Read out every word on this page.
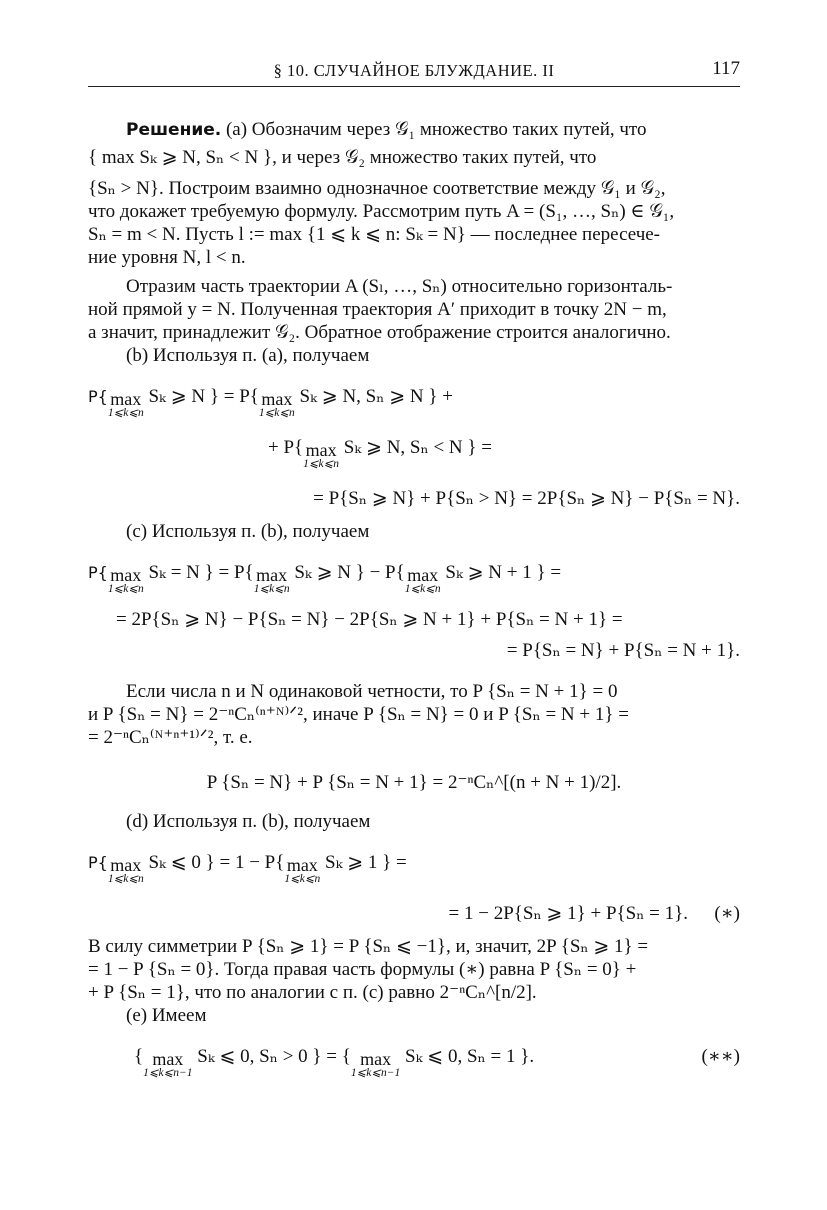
§ 10. СЛУЧАЙНОЕ БЛУЖДАНИЕ. II	117

Решение. (a) Обозначим через 𝒢₁ множество таких путей, что

{ max Sₖ ⩾ N, Sₙ < N }, и через 𝒢₂ множество таких путей, что

{Sₙ > N}. Построим взаимно однозначное соответствие между 𝒢₁ и 𝒢₂,

что докажет требуемую формулу. Рассмотрим путь A = (S₁, …, Sₙ) ∈ 𝒢₁,

Sₙ = m < N. Пусть l := max {1 ⩽ k ⩽ n: Sₖ = N} — последнее пересече-

ние уровня N, l < n.

Отразим часть траектории A (Sₗ, …, Sₙ) относительно горизонталь-

ной прямой y = N. Полученная траектория A′ приходит в точку 2N − m,

а значит, принадлежит 𝒢₂. Обратное отображение строится аналогично.

(b) Используя п. (a), получаем

P{ max
1⩽k⩽n
Sₖ ⩾ N } = P{ max
1⩽k⩽n
Sₖ ⩾ N, Sₙ ⩾ N } +

+ P{ max
1⩽k⩽n
Sₖ ⩾ N, Sₙ < N } =

= P{Sₙ ⩾ N} + P{Sₙ > N} = 2P{Sₙ ⩾ N} − P{Sₙ = N}.

(c) Используя п. (b), получаем

P{ max
1⩽k⩽n
Sₖ = N } = P{ max
1⩽k⩽n
Sₖ ⩾ N } − P{ max
1⩽k⩽n
Sₖ ⩾ N + 1 } =

= 2P{Sₙ ⩾ N} − P{Sₙ = N} − 2P{Sₙ ⩾ N + 1} + P{Sₙ = N + 1} =

= P{Sₙ = N} + P{Sₙ = N + 1}.

Если числа n и N одинаковой четности, то P {Sₙ = N + 1} = 0

и P {Sₙ = N} = 2⁻ⁿCₙ⁽ⁿ⁺ᴺ⁾ᐟ², иначе P {Sₙ = N} = 0 и P {Sₙ = N + 1} =

= 2⁻ⁿCₙ⁽ᴺ⁺ⁿ⁺¹⁾ᐟ², т. е.

P {Sₙ = N} + P {Sₙ = N + 1} = 2⁻ⁿCₙ^[(n + N + 1)/2].

(d) Используя п. (b), получаем

P{ max
1⩽k⩽n
Sₖ ⩽ 0 } = 1 − P{ max
1⩽k⩽n
Sₖ ⩾ 1 } =

= 1 − 2P{Sₙ ⩾ 1} + P{Sₙ = 1}.	(∗)

В силу симметрии P {Sₙ ⩾ 1} = P {Sₙ ⩽ −1}, и, значит, 2P {Sₙ ⩾ 1} =

= 1 − P {Sₙ = 0}. Тогда правая часть формулы (∗) равна P {Sₙ = 0} +

+ P {Sₙ = 1}, что по аналогии с п. (c) равно 2⁻ⁿCₙ^[n/2].

(e) Имеем

{ max
1⩽k⩽n−1
Sₖ ⩽ 0, Sₙ > 0 } = { max
1⩽k⩽n−1
Sₖ ⩽ 0, Sₙ = 1 }.	(∗∗)
